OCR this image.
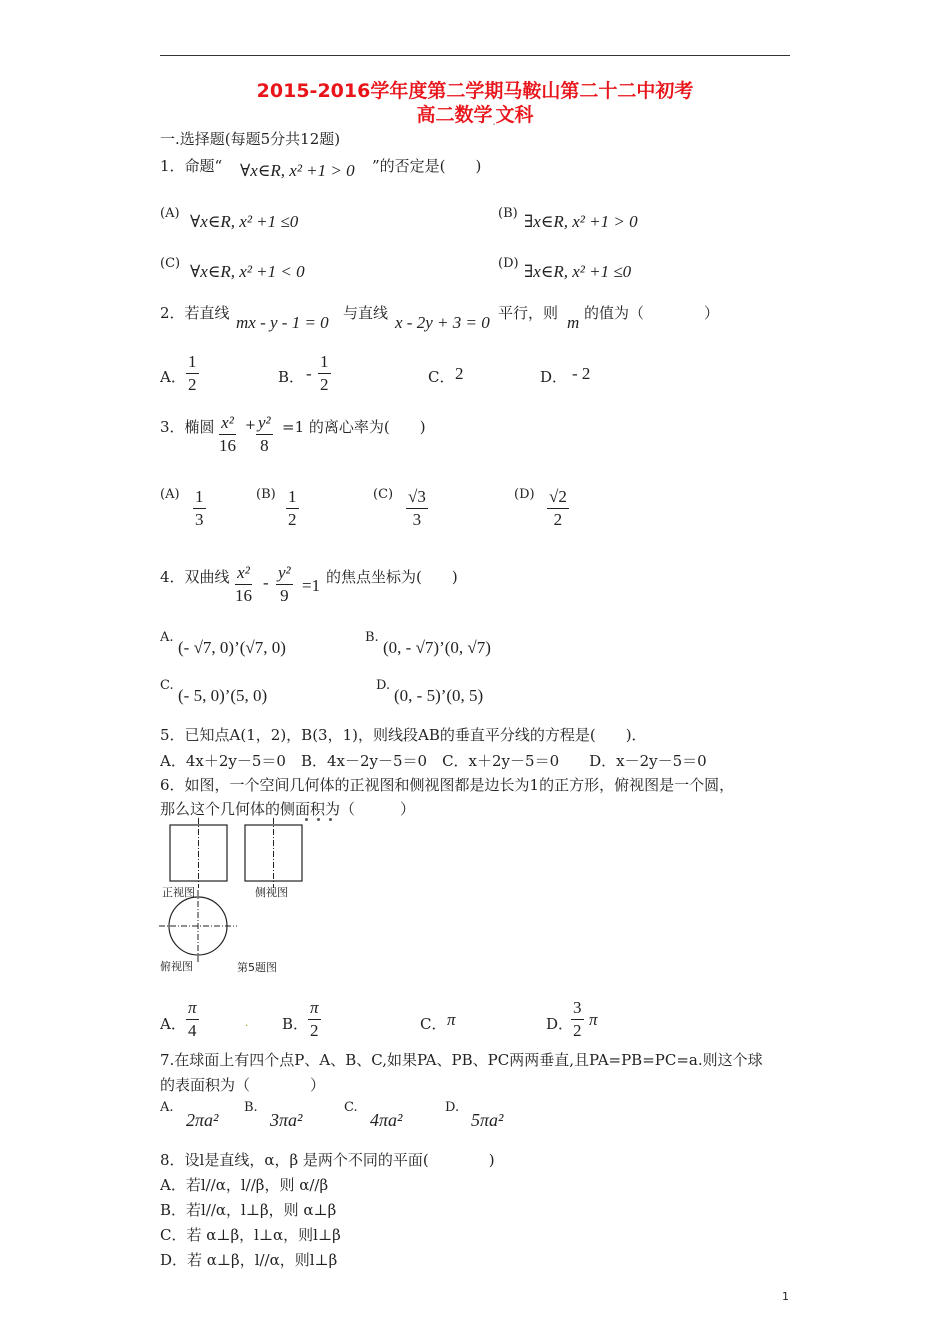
2015-2016学年度第二学期马鞍山第二十二中初考
高二数学.文科
一.选择题(每题5分共12题)
1．命题“ ∀x∈R, x² +1 > 0 ”的否定是(　　)
(A) ∀x∈R, x² +1 ≤0	(B) ∃x∈R, x² +1 > 0
(C) ∀x∈R, x² +1 < 0	(D) ∃x∈R, x² +1 ≤0
2．若直线 mx - y - 1 = 0 与直线 x - 2y + 3 = 0 平行，则 m 的值为（　　　　）
A．
1
2	B． -
1
2	C． 2	D． - 2
3．椭圆 x²
16
+ y²
8
=1 的离心率为(　　)
(A) 1
3
(B) 1
2
(C) √3
3
(D) √2
2
4．双曲线 x²
16
-
y²
9
=1 的焦点坐标为(　　)
A.
(- √7, 0)’(√7, 0)
B.
(0, - √7)’(0, √7)
C.
(- 5, 0)’(5, 0)
D.
(0, - 5)’(0, 5)
5．已知点A(1，2)，B(3，1)，则线段AB的垂直平分线的方程是(　　)．
A．4x＋2y－5＝0　B．4x－2y－5＝0　C．x＋2y－5＝0　　D．x－2y－5＝0
6．如图，一个空间几何体的正视图和侧视图都是边长为1的正方形，俯视图是一个圆，
那么这个几何体的侧面积为（　　　）
正视图	侧视图
俯视图	第5题图
A．
π
4	. B．
π
2	C． π	D．
3
2
π
7.在球面上有四个点P、A、B、C,如果PA、PB、PC两两垂直,且PA=PB=PC=a.则这个球
的表面积为（　　　　）
A.
2πa²
B.
3πa²
C.
4πa²
D.
5πa²
8．设l是直线，α，β 是两个不同的平面(　　　　)
A．若l//α，l//β，则 α//β
B．若l//α，l⊥β，则 α⊥β
C．若 α⊥β，l⊥α，则l⊥β
D．若 α⊥β，l//α，则l⊥β
1
